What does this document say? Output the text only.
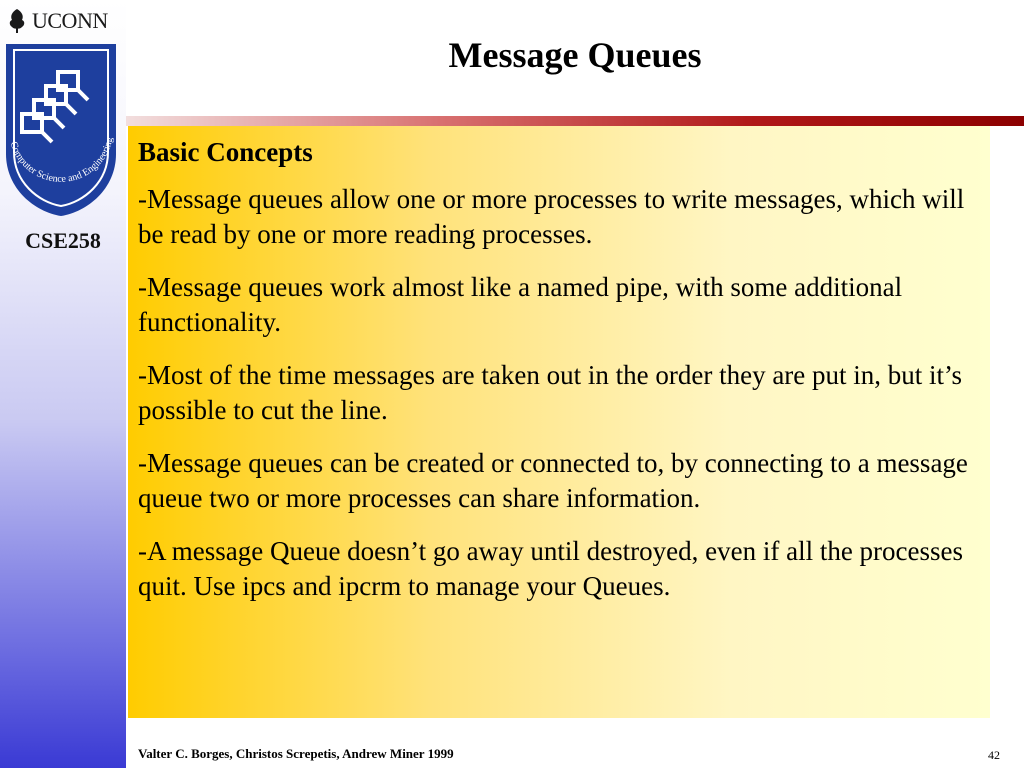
UCONN
Computer Science and Engineering
CSE258
Message Queues
Basic Concepts

-Message queues allow one or more processes to write messages, which will be read by one or more reading processes.

-Message queues work almost like a named pipe, with some additional functionality.

-Most of the time messages are taken out in the order they are put in, but it’s possible to cut the line.

-Message queues can be created or connected to, by connecting to a message queue two or more processes can share information.

-A message Queue doesn’t go away until destroyed, even if all the processes quit. Use ipcs and ipcrm to manage your Queues.

Valter C. Borges, Christos Screpetis, Andrew Miner 1999	42
